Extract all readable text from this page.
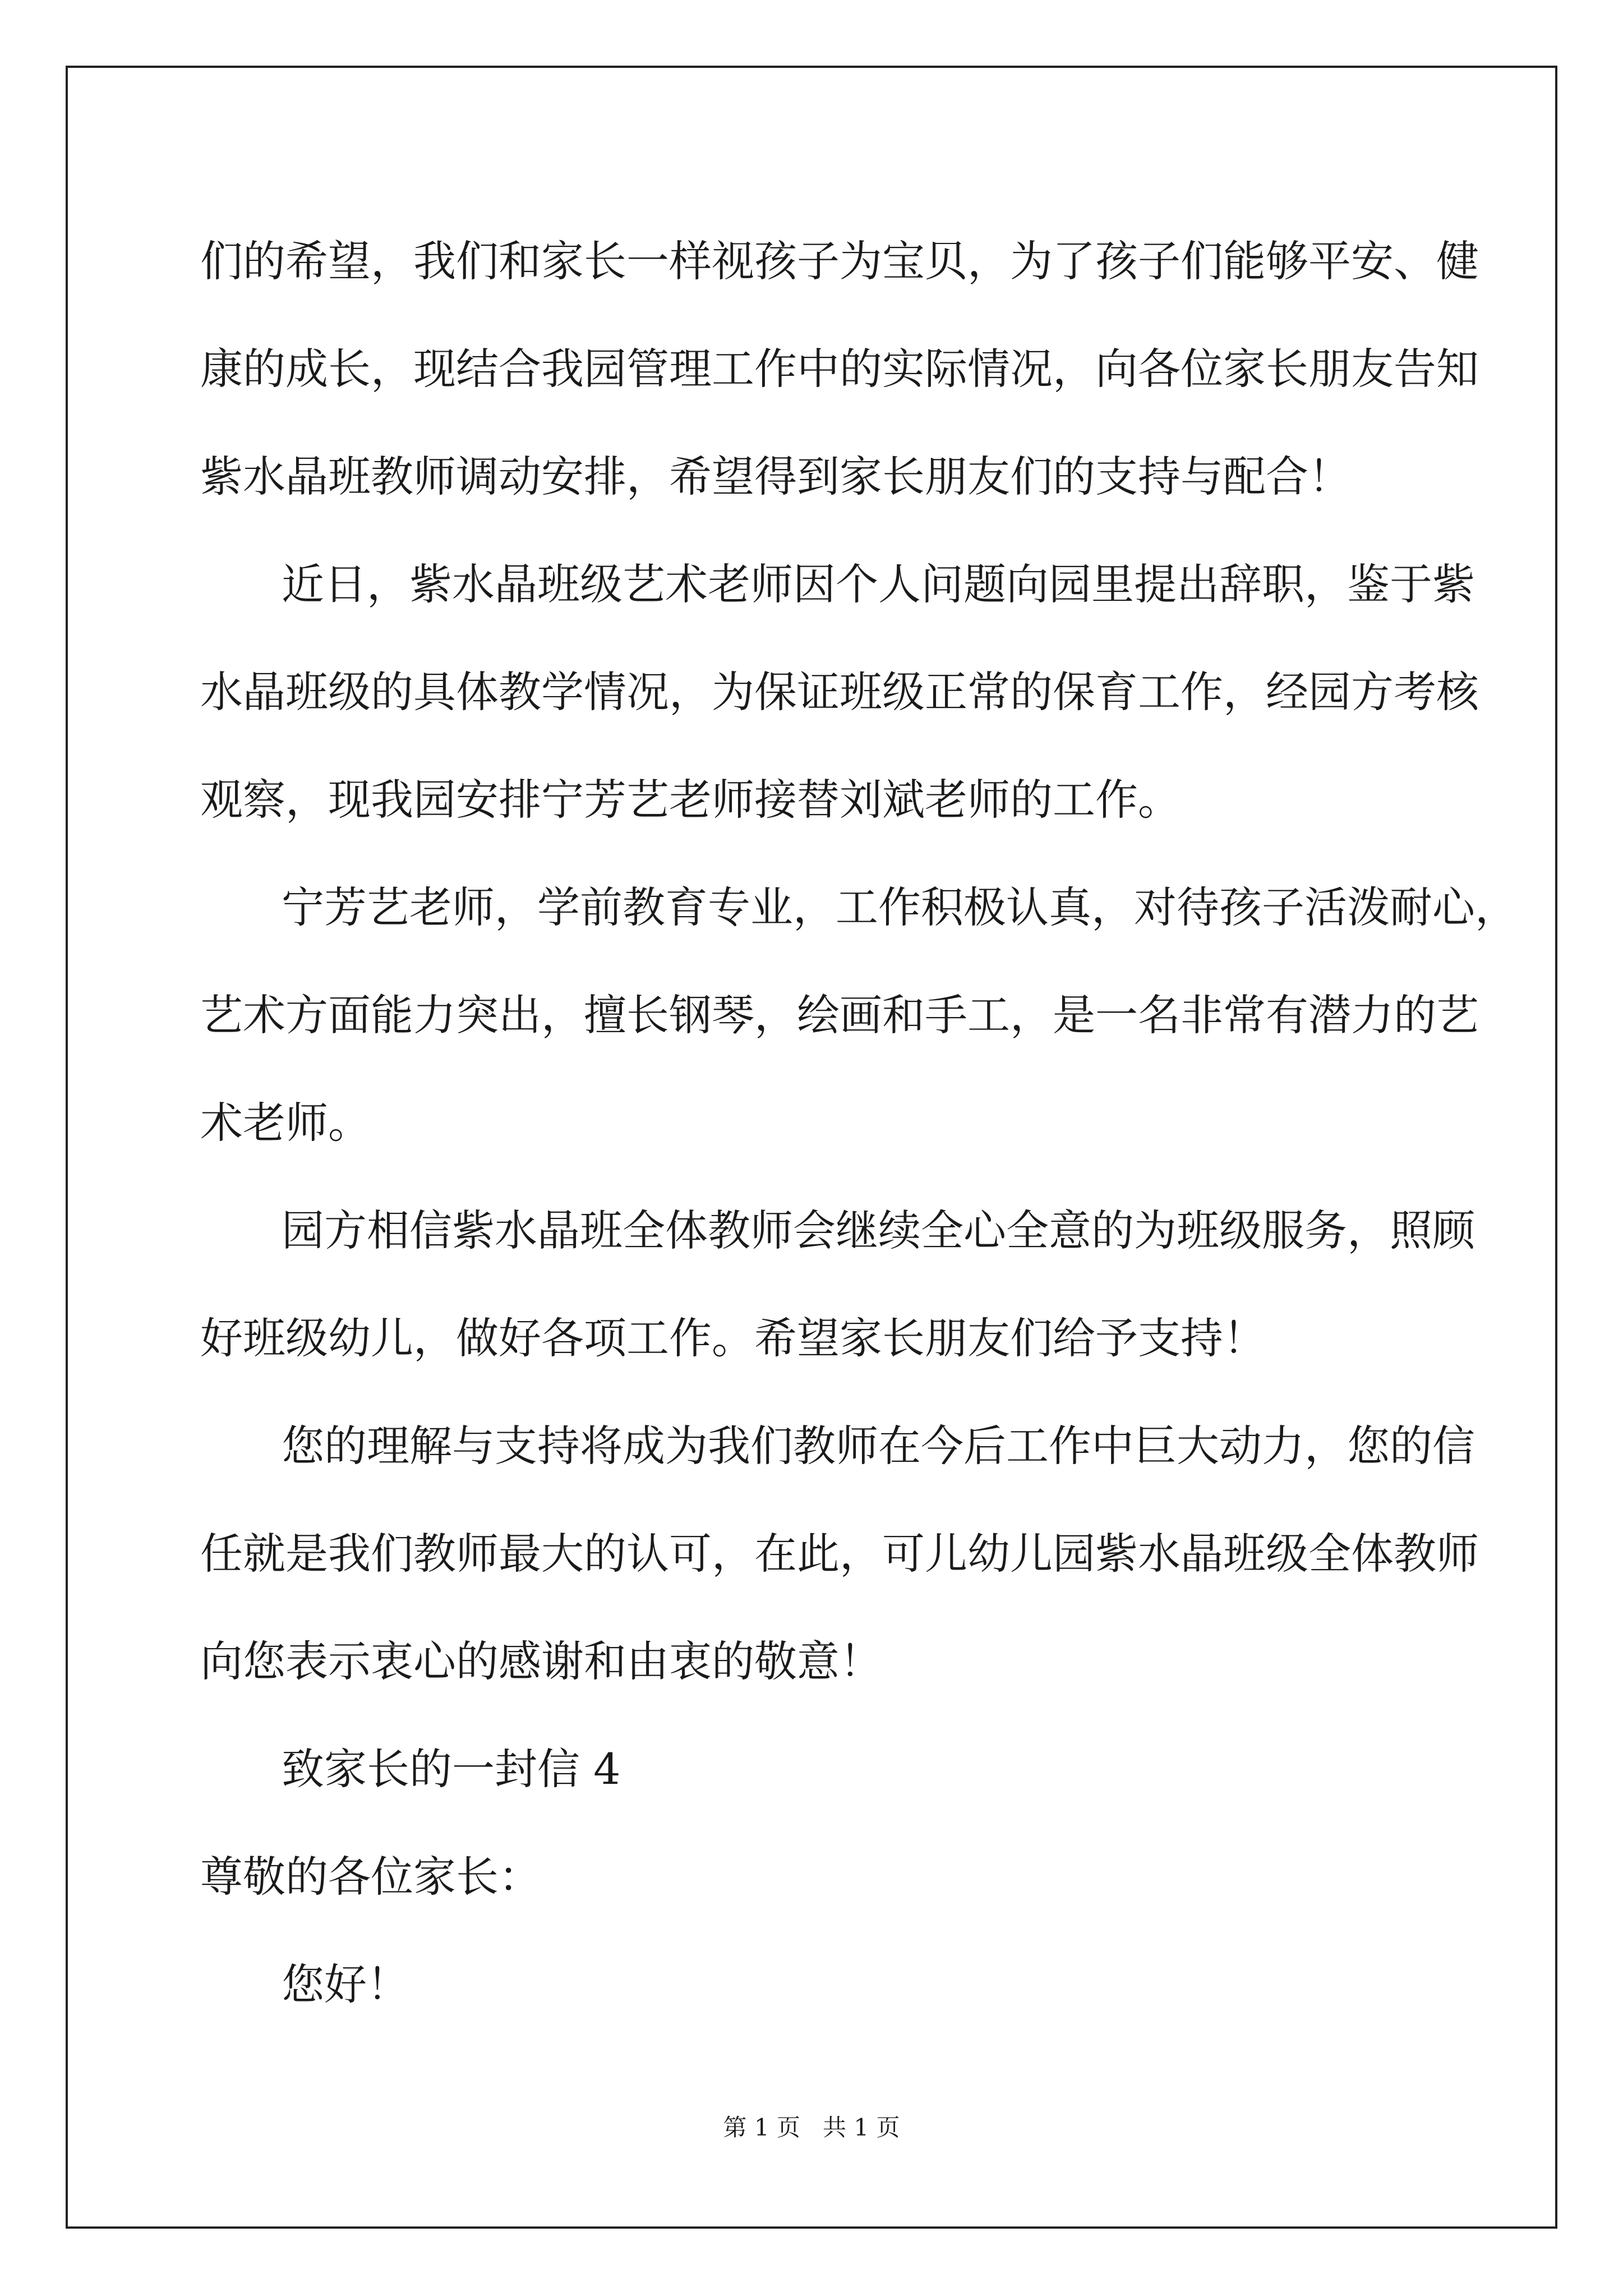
们的希望，我们和家长一样视孩子为宝贝，为了孩子们能够平安、健
康的成长，现结合我园管理工作中的实际情况，向各位家长朋友告知
紫水晶班教师调动安排，希望得到家长朋友们的支持与配合！
近日，紫水晶班级艺术老师因个人问题向园里提出辞职，鉴于紫
水晶班级的具体教学情况，为保证班级正常的保育工作，经园方考核
观察，现我园安排宁芳艺老师接替刘斌老师的工作。
宁芳艺老师，学前教育专业，工作积极认真，对待孩子活泼耐心，
艺术方面能力突出，擅长钢琴，绘画和手工，是一名非常有潜力的艺
术老师。
园方相信紫水晶班全体教师会继续全心全意的为班级服务，照顾
好班级幼儿，做好各项工作。希望家长朋友们给予支持！
您的理解与支持将成为我们教师在今后工作中巨大动力，您的信
任就是我们教师最大的认可，在此，可儿幼儿园紫水晶班级全体教师
向您表示衷心的感谢和由衷的敬意！
致家长的一封信 4
尊敬的各位家长：
您好！
第 1 页 共 1 页
